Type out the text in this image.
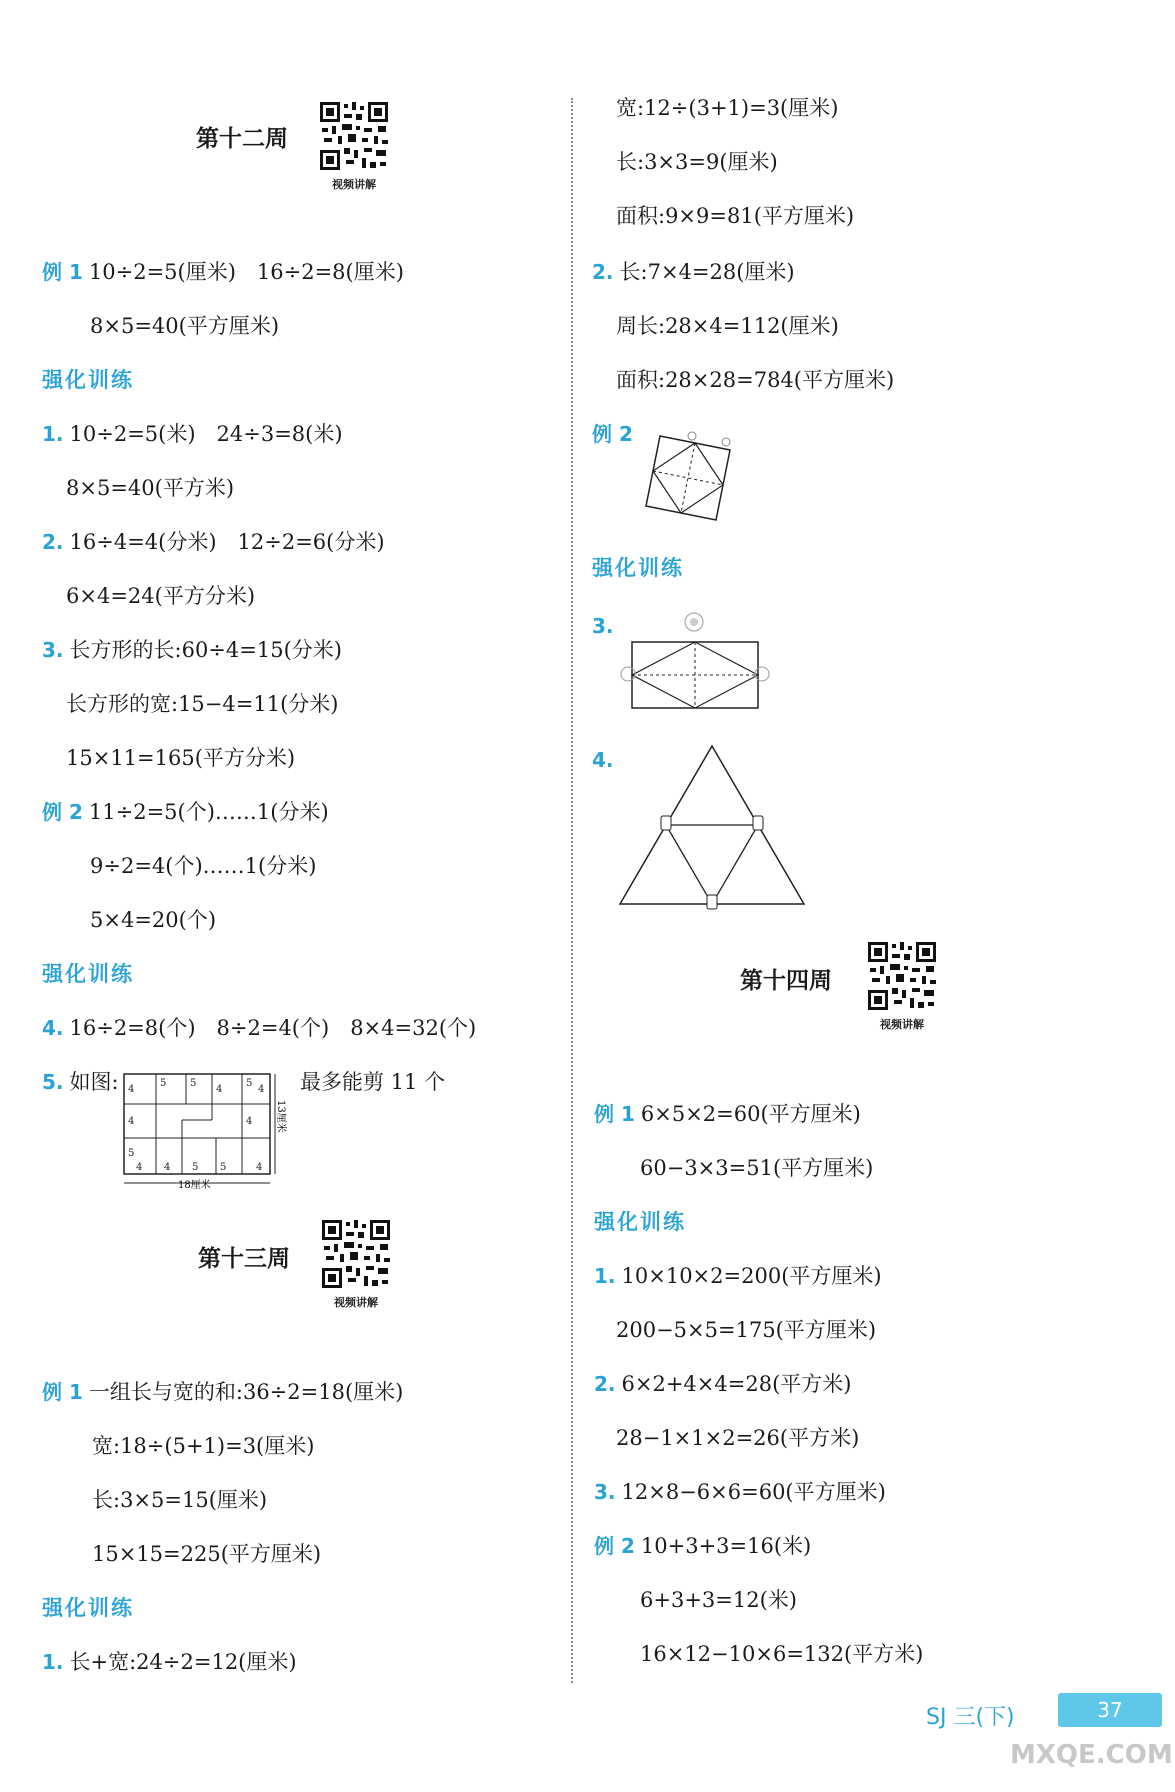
第十二周
视频讲解
例 1 10÷2=5(厘米)　16÷2=8(厘米)
8×5=40(平方厘米)
强化训练
1. 10÷2=5(米)　24÷3=8(米)
8×5=40(平方米)
2. 16÷4=4(分米)　12÷2=6(分米)
6×4=24(平方分米)
3. 长方形的长:60÷4=15(分米)
长方形的宽:15−4=11(分米)
15×11=165(平方分米)
例 2 11÷2=5(个)……1(分米)
9÷2=4(个)……1(分米)
5×4=20(个)
强化训练
4. 16÷2=8(个)　8÷2=4(个)　8×4=32(个)
5. 如图:	最多能剪 11 个
5
4
5
4
5
4
4	4
5
5
4 4 5	4
18厘米
13厘米
第十三周
视频讲解
例 1 一组长与宽的和:36÷2=18(厘米)
宽:18÷(5+1)=3(厘米)
长:3×5=15(厘米)
15×15=225(平方厘米)
强化训练
1. 长+宽:24÷2=12(厘米)
宽:12÷(3+1)=3(厘米)
长:3×3=9(厘米)
面积:9×9=81(平方厘米)
2. 长:7×4=28(厘米)
周长:28×4=112(厘米)
面积:28×28=784(平方厘米)
例 2
强化训练
3.
4.
第十四周
视频讲解
例 1 6×5×2=60(平方厘米)
60−3×3=51(平方厘米)
强化训练
1. 10×10×2=200(平方厘米)
200−5×5=175(平方厘米)
2. 6×2+4×4=28(平方米)
28−1×1×2=26(平方米)
3. 12×8−6×6=60(平方厘米)
例 2 10+3+3=16(米)
6+3+3=12(米)
16×12−10×6=132(平方米)
SJ 三(下)	37
MXQE.COM
